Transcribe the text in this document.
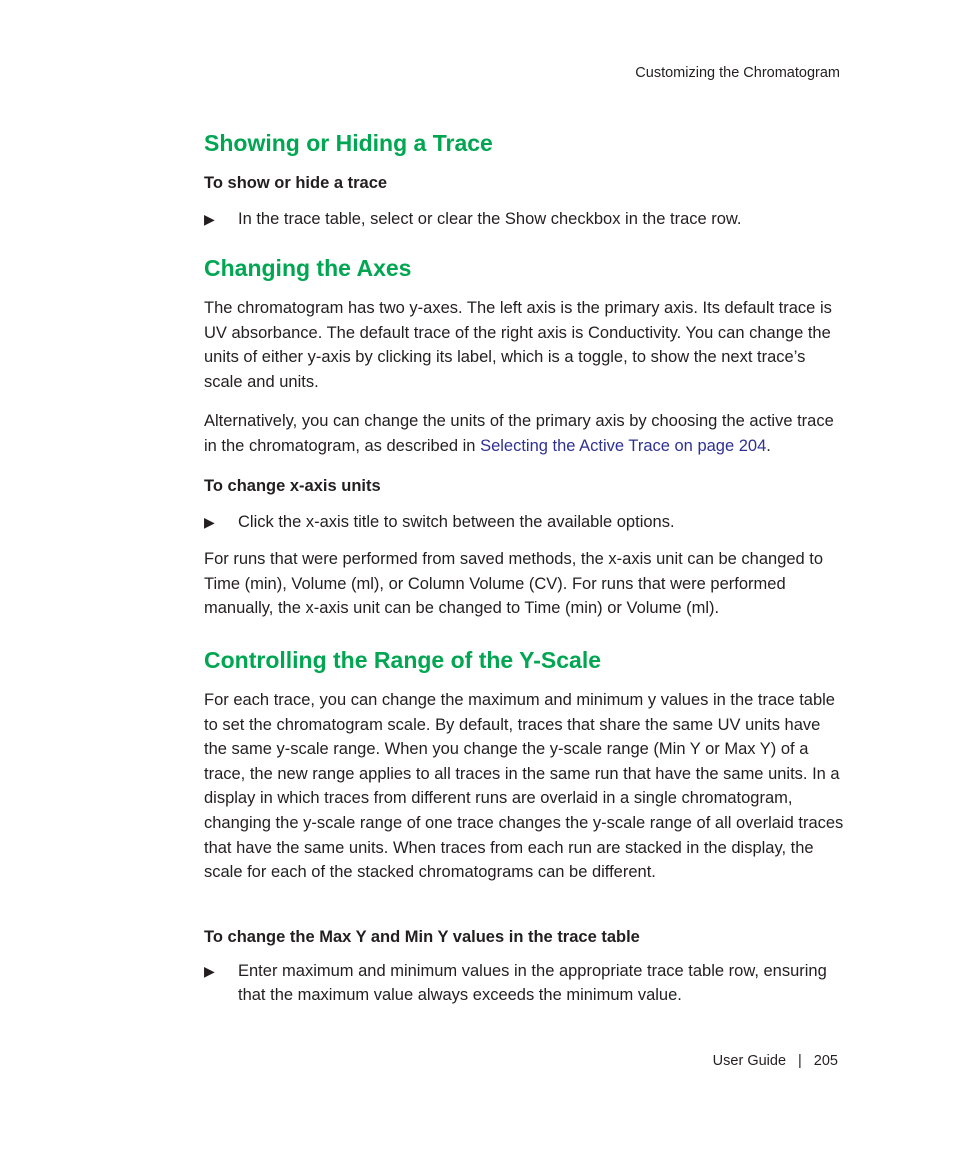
Customizing the Chromatogram
Showing or Hiding a Trace
To show or hide a trace
▶ In the trace table, select or clear the Show checkbox in the trace row.
Changing the Axes

The chromatogram has two y-axes. The left axis is the primary axis. Its default trace is UV absorbance. The default trace of the right axis is Conductivity. You can change the units of either y-axis by clicking its label, which is a toggle, to show the next trace’s scale and units.

Alternatively, you can change the units of the primary axis by choosing the active trace in the chromatogram, as described in Selecting the Active Trace on page 204.

To change x-axis units
▶ Click the x-axis title to switch between the available options.

For runs that were performed from saved methods, the x-axis unit can be changed to Time (min), Volume (ml), or Column Volume (CV). For runs that were performed manually, the x-axis unit can be changed to Time (min) or Volume (ml).

Controlling the Range of the Y-Scale

For each trace, you can change the maximum and minimum y values in the trace table to set the chromatogram scale. By default, traces that share the same UV units have the same y-scale range. When you change the y-scale range (Min Y or Max Y) of a trace, the new range applies to all traces in the same run that have the same units. In a display in which traces from different runs are overlaid in a single chromatogram, changing the y-scale range of one trace changes the y-scale range of all overlaid traces that have the same units. When traces from each run are stacked in the display, the scale for each of the stacked chromatograms can be different.

To change the Max Y and Min Y values in the trace table
▶ Enter maximum and minimum values in the appropriate trace table row, ensuring that the maximum value always exceeds the minimum value.
User Guide | 205
